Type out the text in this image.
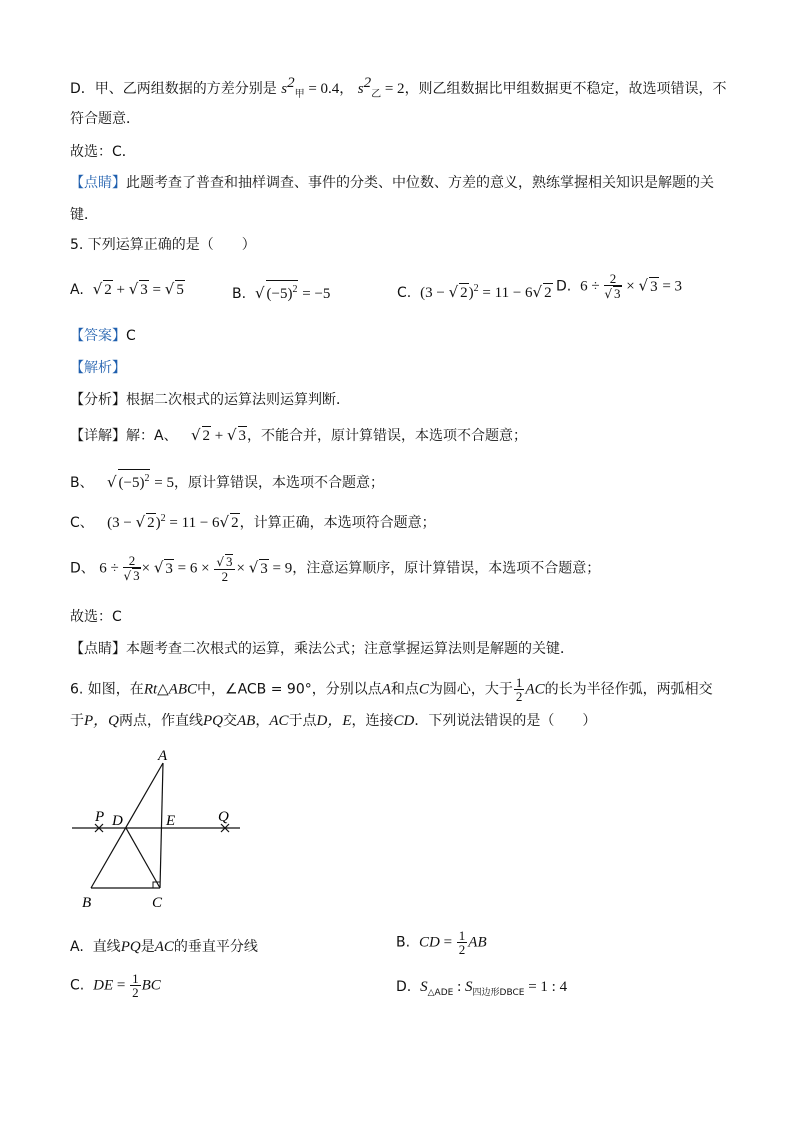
D．甲、乙两组数据的方差分别是 $s^2_甲 = 0.4$， $s^2_乙 = 2$，则乙组数据比甲组数据更不稳定，故选项错误，不
符合题意．
故选：C．
【点睛】此题考查了普查和抽样调查、事件的分类、中位数、方差的意义，熟练掌握相关知识是解题的关
键．
5. 下列运算正确的是（　　）
A. √ 2 + √ 3 = √ 5	B. √ $(-5)^2 = -5$	C. (3 − √ 2)$^2$ = 11 − 6√ 2 D. $6 \div \frac{2}{√ 3}$ × √ 3 = 3
【答案】C
【解析】
【分析】根据二次根式的运算法则运算判断．
【详解】解：A、 √ 2 + √ 3，不能合并，原计算错误，本选项不合题意；
B、 √ $(-5)^2 = 5$，原计算错误，本选项不合题意；
C、 (3 − √ 2)$^2$ = 11 − 6√ 2，计算正确，本选项符合题意；
D、 $6 \div \frac{2}{√ 3}$ × √ $3 = 6 \times \frac{√ 3}{2}$ × √ 3 = 9，注意运算顺序，原计算错误，本选项不合题意；
故选：C
【点睛】本题考查二次根式的运算，乘法公式；注意掌握运算法则是解题的关键．
6. 如图，在Rt△ABC中，∠ACB = 90°，分别以点A和点C为圆心，大于 $\frac{1}{2}$ AC的长为半径作弧，两弧相交
于P，Q两点，作直线PQ交AB，AC于点D，E，连接CD．下列说法错误的是（　　）
A
P D	E	Q
B	C
A. 直线PQ是AC的垂直平分线	B. CD = $\frac{1}{2}$ AB
C. DE = $\frac{1}{2}$ BC	D. $S_{\triangle ADE}$ : $S_{四边形DBCE} = 1$ : 4
